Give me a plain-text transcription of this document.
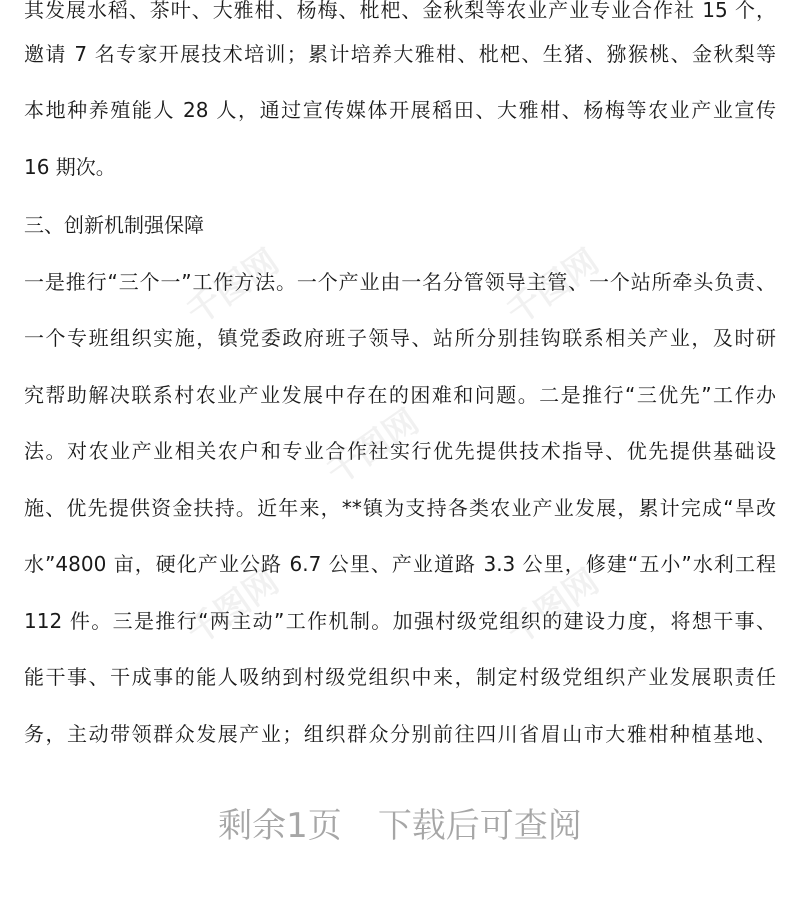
其发展水稻、茶叶、大雅柑、杨梅、枇杷、金秋梨等农业产业专业合作社 15 个，
邀请 7 名专家开展技术培训；累计培养大雅柑、枇杷、生猪、猕猴桃、金秋梨等
本地种养殖能人 28 人，通过宣传媒体开展稻田、大雅柑、杨梅等农业产业宣传
16 期次。
三、创新机制强保障
一是推行“三个一”工作方法。一个产业由一名分管领导主管、一个站所牵头负责、
一个专班组织实施，镇党委政府班子领导、站所分别挂钩联系相关产业，及时研
究帮助解决联系村农业产业发展中存在的困难和问题。二是推行“三优先”工作办
法。对农业产业相关农户和专业合作社实行优先提供技术指导、优先提供基础设
施、优先提供资金扶持。近年来，**镇为支持各类农业产业发展，累计完成“旱改
水”4800 亩，硬化产业公路 6.7 公里、产业道路 3.3 公里，修建“五小”水利工程
112 件。三是推行“两主动”工作机制。加强村级党组织的建设力度，将想干事、
能干事、干成事的能人吸纳到村级党组织中来，制定村级党组织产业发展职责任
务，主动带领群众发展产业；组织群众分别前往四川省眉山市大雅柑种植基地、
千图网	千图网
千图网
千图网	千图网
剩余1页 下载后可查阅
